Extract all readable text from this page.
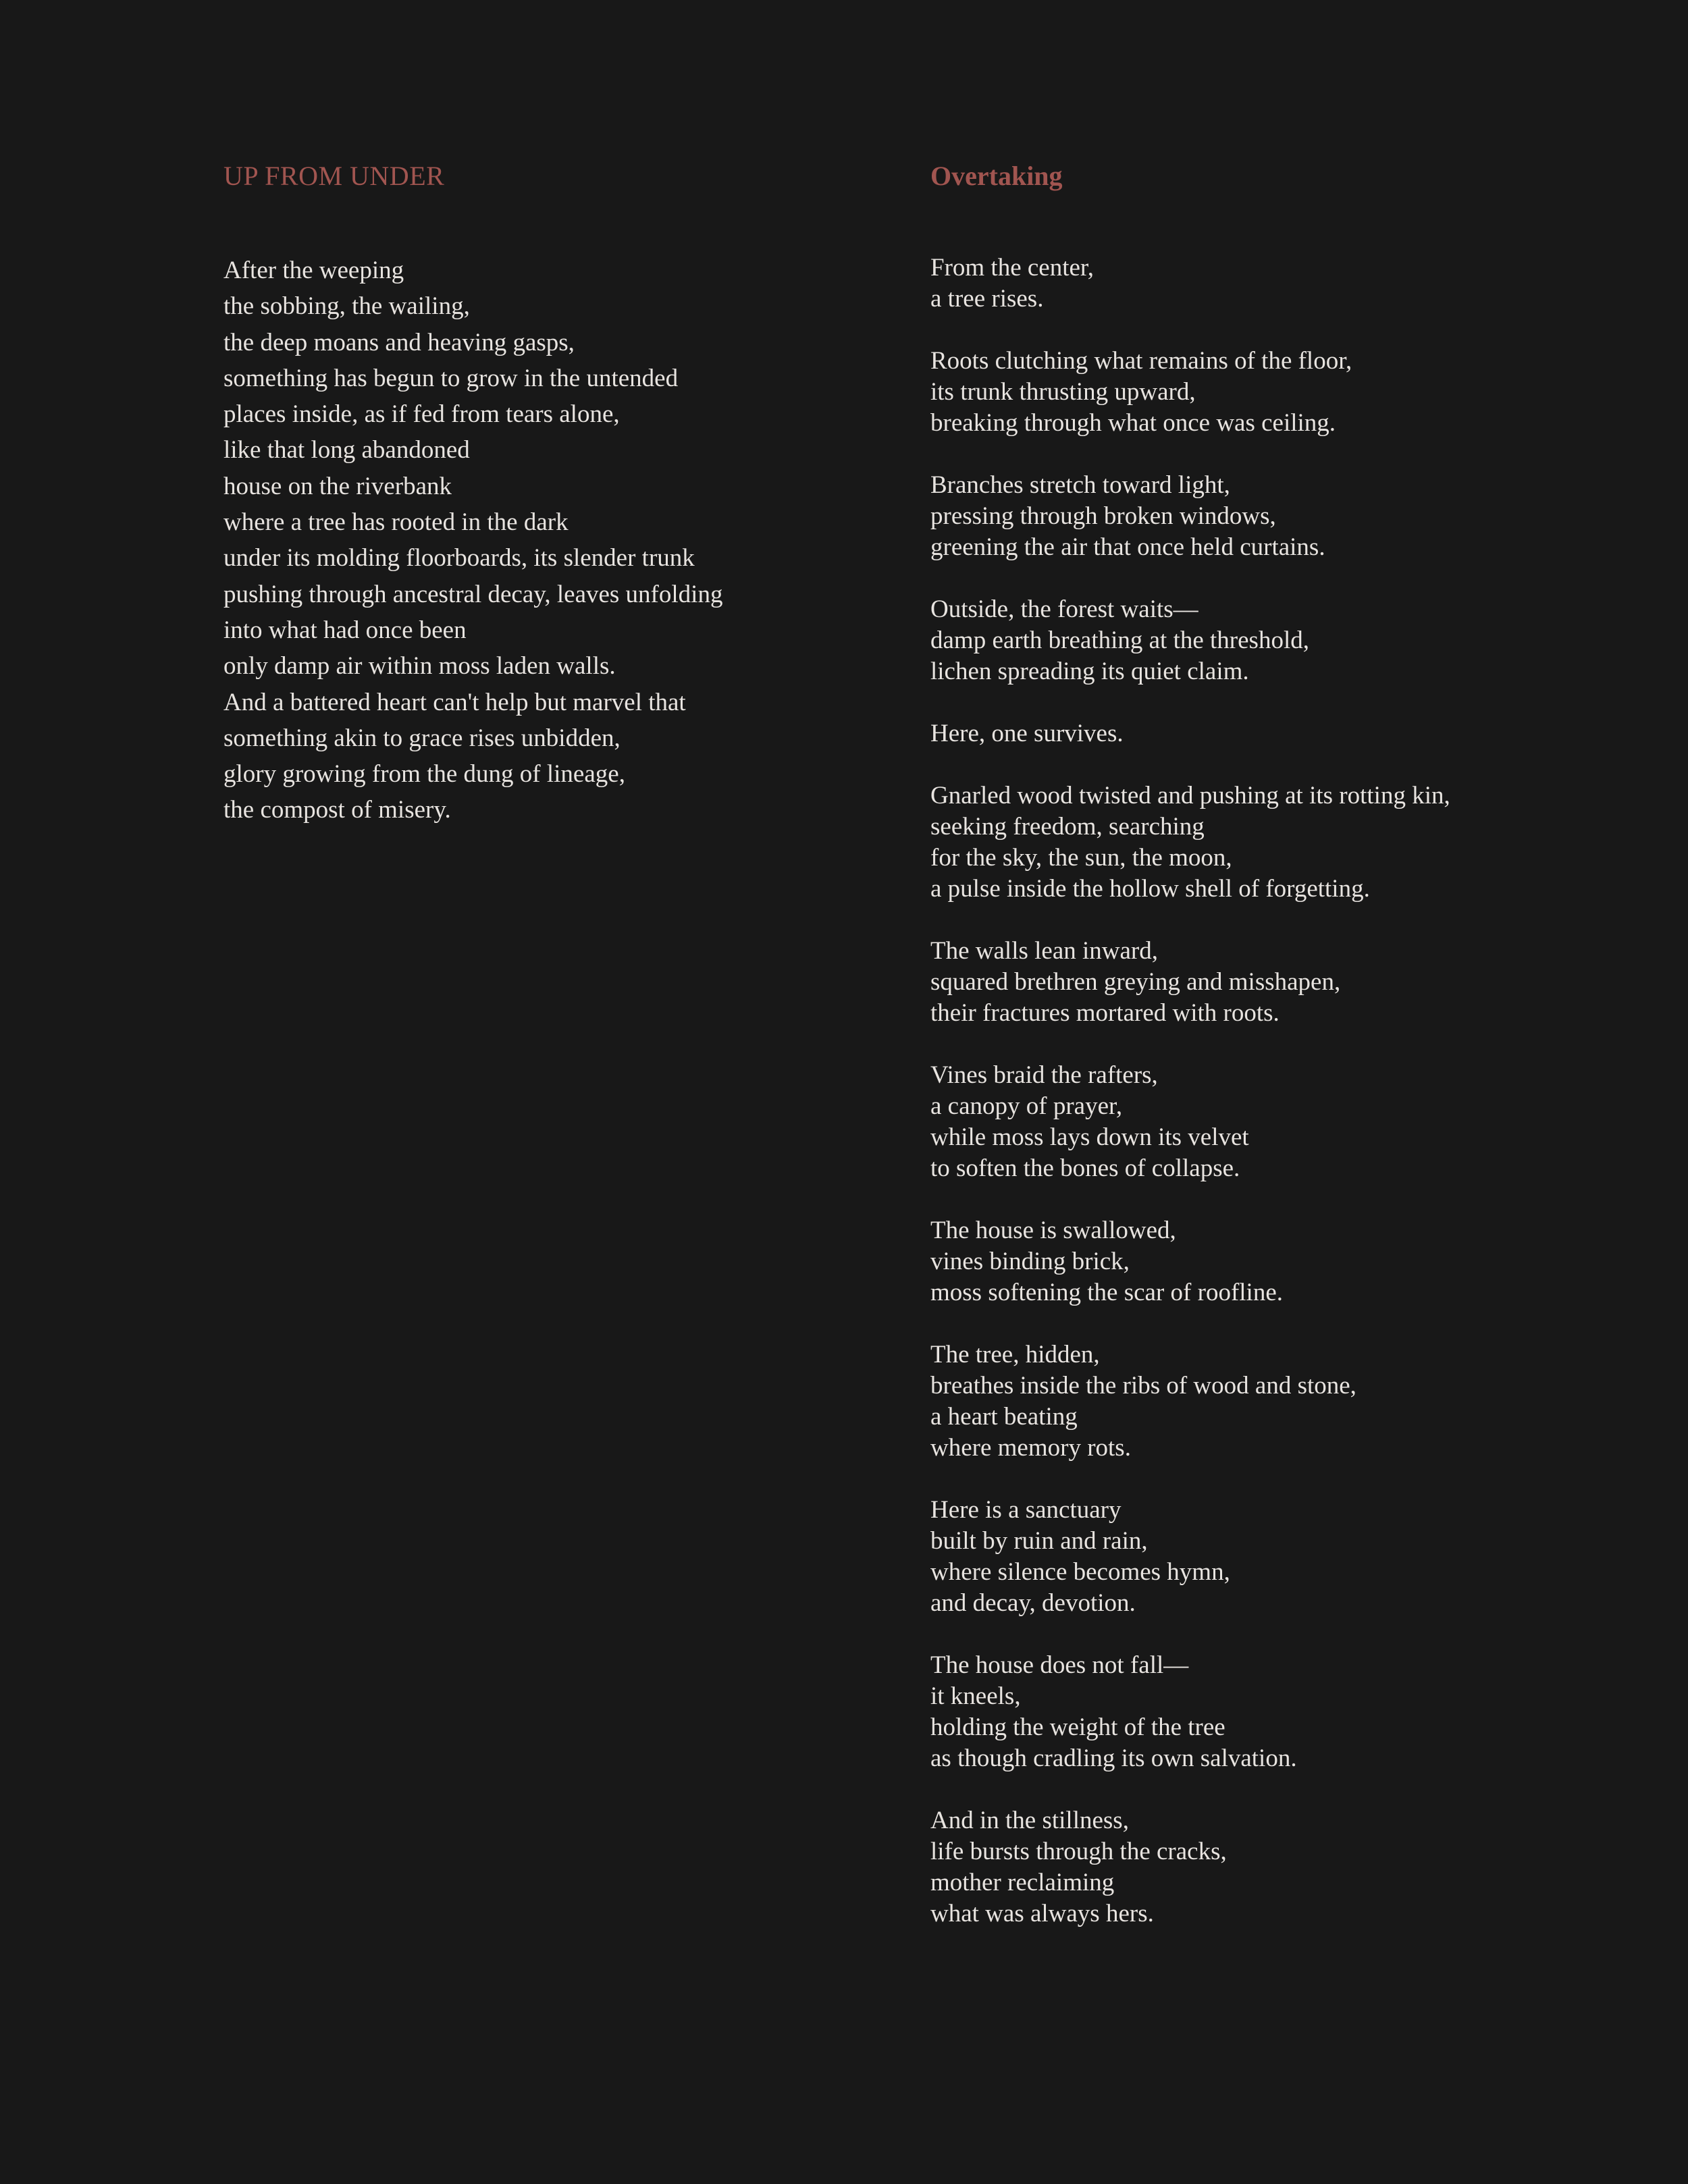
UP FROM UNDER
After the weeping
the sobbing, the wailing,
the deep moans and heaving gasps,
something has begun to grow in the untended
places inside, as if fed from tears alone,
like that long abandoned
house on the riverbank
where a tree has rooted in the dark
under its molding floorboards, its slender trunk
pushing through ancestral decay, leaves unfolding
into what had once been
only damp air within moss laden walls.
And a battered heart can't help but marvel that
something akin to grace rises unbidden,
glory growing from the dung of lineage,
the compost of misery.
Overtaking
From the center,
a tree rises.
Roots clutching what remains of the floor,
its trunk thrusting upward,
breaking through what once was ceiling.
Branches stretch toward light,
pressing through broken windows,
greening the air that once held curtains.
Outside, the forest waits—
damp earth breathing at the threshold,
lichen spreading its quiet claim.
Here, one survives.
Gnarled wood twisted and pushing at its rotting kin,
seeking freedom, searching
for the sky, the sun, the moon,
a pulse inside the hollow shell of forgetting.
The walls lean inward,
squared brethren greying and misshapen,
their fractures mortared with roots.
Vines braid the rafters,
a canopy of prayer,
while moss lays down its velvet
to soften the bones of collapse.
The house is swallowed,
vines binding brick,
moss softening the scar of roofline.
The tree, hidden,
breathes inside the ribs of wood and stone,
a heart beating
where memory rots.
Here is a sanctuary
built by ruin and rain,
where silence becomes hymn,
and decay, devotion.
The house does not fall—
it kneels,
holding the weight of the tree
as though cradling its own salvation.
And in the stillness,
life bursts through the cracks,
mother reclaiming
what was always hers.
